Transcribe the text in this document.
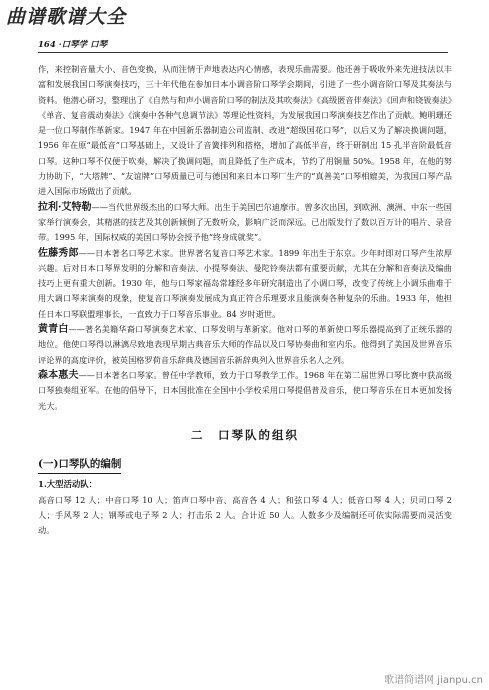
曲谱歌谱大全
164 ·口琴学 口琴

作，来控制音量大小、音色变换，从而注情于声地表达内心情感，表现乐曲需要。他还善于吸收外来先进技法以丰富和发展我国口琴演奏技巧，三十年代他在参加日本小调音阶口琴学会期间，引进了一些小调音阶口琴及其奏法与资料。他潜心研习，整理出了《自然与和声小调音阶口琴的制法及其吹奏法》《高级匿音伴奏法》《回声和铙钹奏法》《单音、复音震动奏法》《演奏中各种气息调节法》等理论性资料，为发展我国口琴演奏技艺作出了贡献。鲍明珊还是一位口琴制作革新家。1947 年在中国新乐器制造公司监制、改进“超级国花口琴”，以后又为了解决换调问题，1956 年在原“最低音”口琴基础上，又设计了音簧排列和搭格，增加了高低半音，终于研制出 15 孔半音阶最低音口琴。这种口琴不仅便于吹奏，解决了换调问题，而且降低了生产成本，节约了用铜量 50%。1958 年，在他的努力协助下，“大塔牌”、“友谊牌”口琴质量已可与德国和来日本口琴厂生产的“真善美”口琴相媲美，为我国口琴产品进入国际市场做出了贡献。

拉利·艾特勒——当代世界级杰出的口琴大师。出生于美国巴尔迪摩市。曾多次出国，到欧洲、澳洲、中东一些国家举行演奏会，其精湛的技艺及其创新倾倒了无数听众，影响广泛而深远。已出版发行了数以百万计的唱片、录音带。1995 年，国际权威的美国口琴协会授予他“终身成就奖”。

佐藤秀郎——日本著名口琴艺术家。世界著名复音口琴艺术家。1899 年出生于东京。少年时即对口琴产生浓厚兴趣。后对日本口琴界发明的分解和音奏法、小提琴奏法、曼陀铃奏法都有重要贡献，尤其在分解和音奏法及编曲技巧上更有重大创新。1930 年，他与口琴家福岛常雄经多年研究制造出了小调口琴，改变了传统上小调乐曲难于用大调口琴来演奏的现象，使复音口琴演奏发展成为真正符合乐理要求且能演奏各种复杂的乐曲。1933 年，他担任日本口琴联盟理事长，一直致力于口琴音乐事业。84 岁时逝世。

黄青白——著名美籍华裔口琴演奏艺术家、口琴发明与革新家。他对口琴的革新使口琴乐器提高到了正统乐器的地位。他使口琴得以淋漓尽致地表现早期古典音乐大师的作品以及口琴协奏曲和室内乐。他得到了美国及世界音乐评论界的高度评价，被英国格罗荷音乐辞典及德国音乐新辞典列入世界音乐名人之列。

森本惠夫——日本著名口琴家。曾任中学教师，致力于口琴教学工作。1968 年在第二届世界口琴比赛中获高级口琴独奏组亚军。在他的倡导下，日本国批准在全国中小学校采用口琴提倡普及音乐，使口琴音乐在日本更加发扬光大。

二　口琴队的组织
(一)口琴队的编制
1.大型活动队：

高音口琴 12 人；中音口琴 10 人；笛声口琴中音、高音各 4 人；和弦口琴 4 人；低音口琴 4 人；贝司口琴 2 人；手风琴 2 人；钢琴或电子琴 2 人；打击乐 2 人。合计近 50 人。人数多少及编制还可依实际需要而灵活变动。

歌谱简谱网 jianpu.cn
